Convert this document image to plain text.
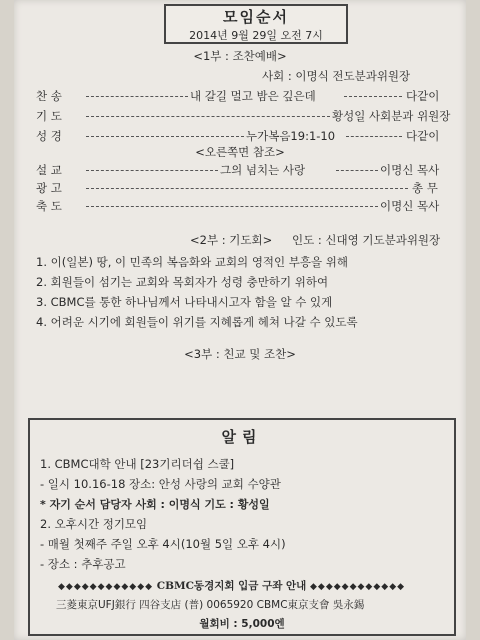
모임순서
2014년 9월 29일 오전 7시
<1부 : 조찬예배>
사회 : 이명식 전도분과위원장
찬 송	내 갈길 멀고 밤은 깊은데	다같이
기 도	황성일 사회분과 위원장
성 경	누가복음19:1-10	다같이
<오른쪽면 참조>
설 교	그의 넘치는 사랑	이명신 목사
광 고	총 무
축 도	이명신 목사
<2부 : 기도회> 인도 : 신대영 기도분과위원장
1. 이(일본) 땅, 이 민족의 복음화와 교회의 영적인 부흥을 위해
2. 회원들이 섬기는 교회와 목회자가 성령 충만하기 위하여
3. CBMC를 통한 하나님께서 나타내시고자 함을 알 수 있게
4. 어려운 시기에 회원들이 위기를 지혜롭게 헤쳐 나갈 수 있도록
<3부 : 친교 및 조찬>
알림
1. CBMC대학 안내 [23기리더쉽 스쿨]
- 일시 10.16-18 장소: 안성 사랑의 교회 수양관
* 자기 순서 담당자 사회 : 이명식 기도 : 황성일
2. 오후시간 정기모임
- 매월 첫째주 주일 오후 4시(10월 5일 오후 4시)
- 장소 : 추후공고
◆◆◆◆◆◆◆◆◆◆◆◆ CBMC동경지회 입금 구좌 안내 ◆◆◆◆◆◆◆◆◆◆◆◆
三菱東京UFJ銀行 四谷支店 (普) 0065920 CBMC東京支會 吳永錫
월회비 : 5,000엔
